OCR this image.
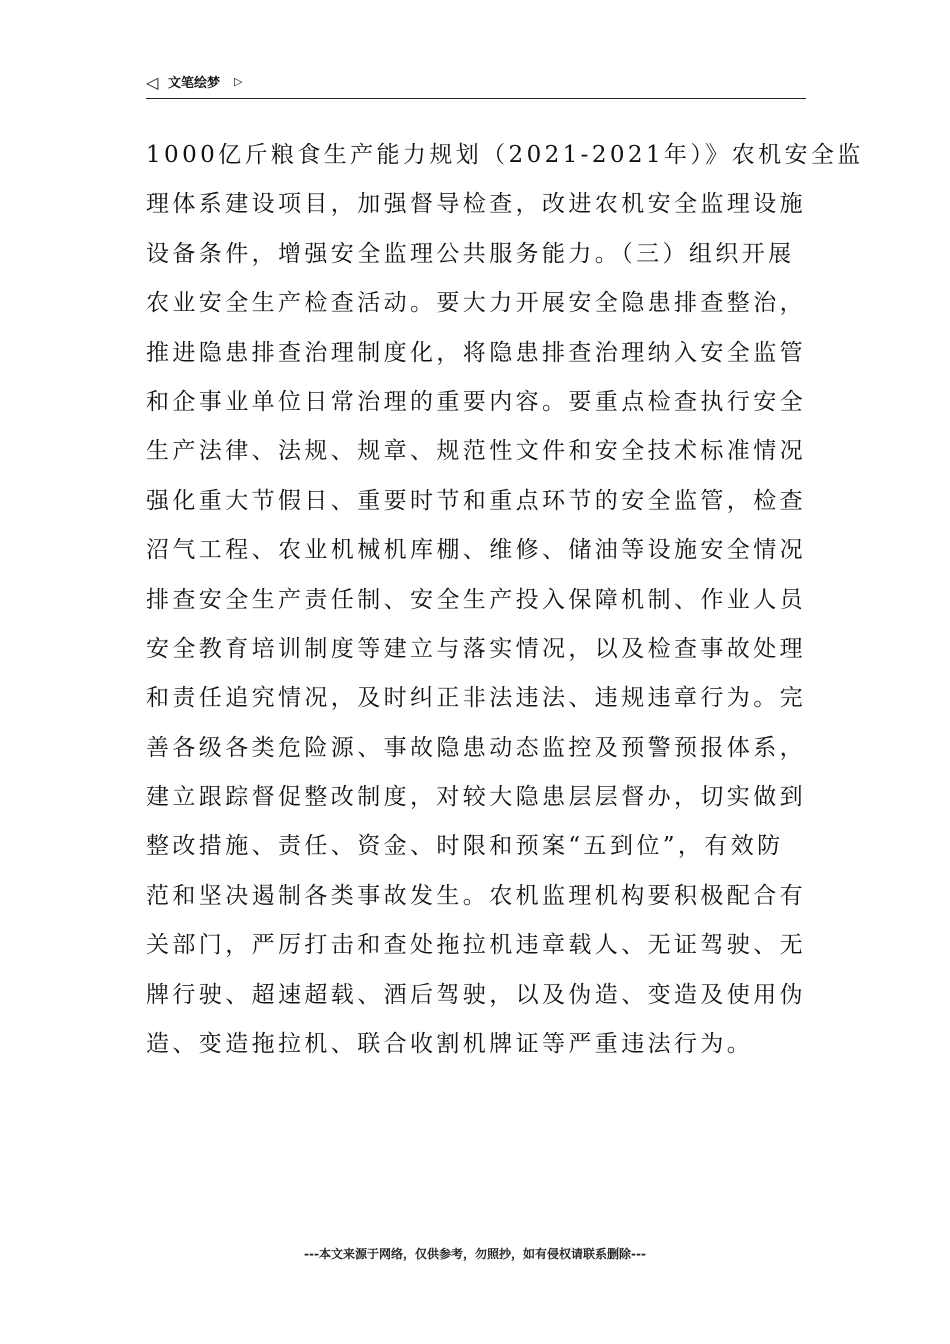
◁ 文笔绘梦 ▷
1000亿斤粮食生产能力规划（2021-2021年）》农机安全监
理体系建设项目，加强督导检查，改进农机安全监理设施
设备条件，增强安全监理公共服务能力。（三）组织开展
农业安全生产检查活动。要大力开展安全隐患排查整治，
推进隐患排查治理制度化，将隐患排查治理纳入安全监管
和企事业单位日常治理的重要内容。要重点检查执行安全
生产法律、法规、规章、规范性文件和安全技术标准情况
强化重大节假日、重要时节和重点环节的安全监管，检查
沼气工程、农业机械机库棚、维修、储油等设施安全情况
排查安全生产责任制、安全生产投入保障机制、作业人员
安全教育培训制度等建立与落实情况，以及检查事故处理
和责任追究情况，及时纠正非法违法、违规违章行为。完
善各级各类危险源、事故隐患动态监控及预警预报体系，
建立跟踪督促整改制度，对较大隐患层层督办，切实做到
整改措施、责任、资金、时限和预案“五到位”，有效防
范和坚决遏制各类事故发生。农机监理机构要积极配合有
关部门，严厉打击和查处拖拉机违章载人、无证驾驶、无
牌行驶、超速超载、酒后驾驶，以及伪造、变造及使用伪
造、变造拖拉机、联合收割机牌证等严重违法行为。
---本文来源于网络，仅供参考，勿照抄，如有侵权请联系删除---
